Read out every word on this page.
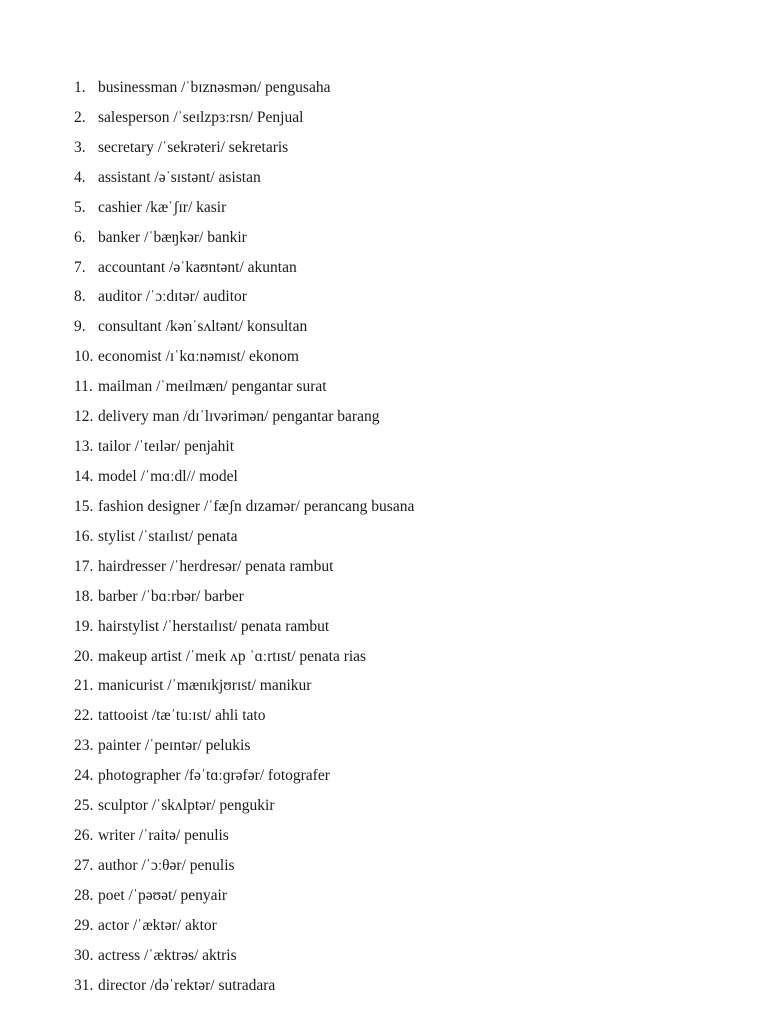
1. businessman /ˈbɪznəsmən/ pengusaha
2. salesperson /ˈseɪlzpɜːrsn/ Penjual
3. secretary /ˈsekrəteri/ sekretaris
4. assistant /əˈsɪstənt/ asistan
5. cashier /kæˈʃɪr/ kasir
6. banker /ˈbæŋkər/ bankir
7. accountant /əˈkaʊntənt/ akuntan
8. auditor /ˈɔːdɪtər/ auditor
9. consultant /kənˈsʌltənt/ konsultan
10. economist /ɪˈkɑːnəmɪst/ ekonom
11. mailman /ˈmeɪlmæn/ pengantar surat
12. delivery man /dɪˈlɪvərimən/ pengantar barang
13. tailor /ˈteɪlər/ penjahit
14. model /ˈmɑːdl// model
15. fashion designer /ˈfæʃn dɪzamər/ perancang busana
16. stylist /ˈstaɪlɪst/ penata
17. hairdresser /ˈherdresər/ penata rambut
18. barber /ˈbɑːrbər/ barber
19. hairstylist /ˈherstaɪlɪst/ penata rambut
20. makeup artist /ˈmeɪk ʌp ˈɑːrtɪst/ penata rias
21. manicurist /ˈmænɪkjʊrɪst/ manikur
22. tattooist /tæˈtuːɪst/ ahli tato
23. painter /ˈpeɪntər/ pelukis
24. photographer /fəˈtɑːɡrəfər/ fotografer
25. sculptor /ˈskʌlptər/ pengukir
26. writer /ˈraitə/ penulis
27. author /ˈɔːθər/ penulis
28. poet /ˈpəʊət/ penyair
29. actor /ˈæktər/ aktor
30. actress /ˈæktrəs/ aktris
31. director /dəˈrektər/ sutradara
